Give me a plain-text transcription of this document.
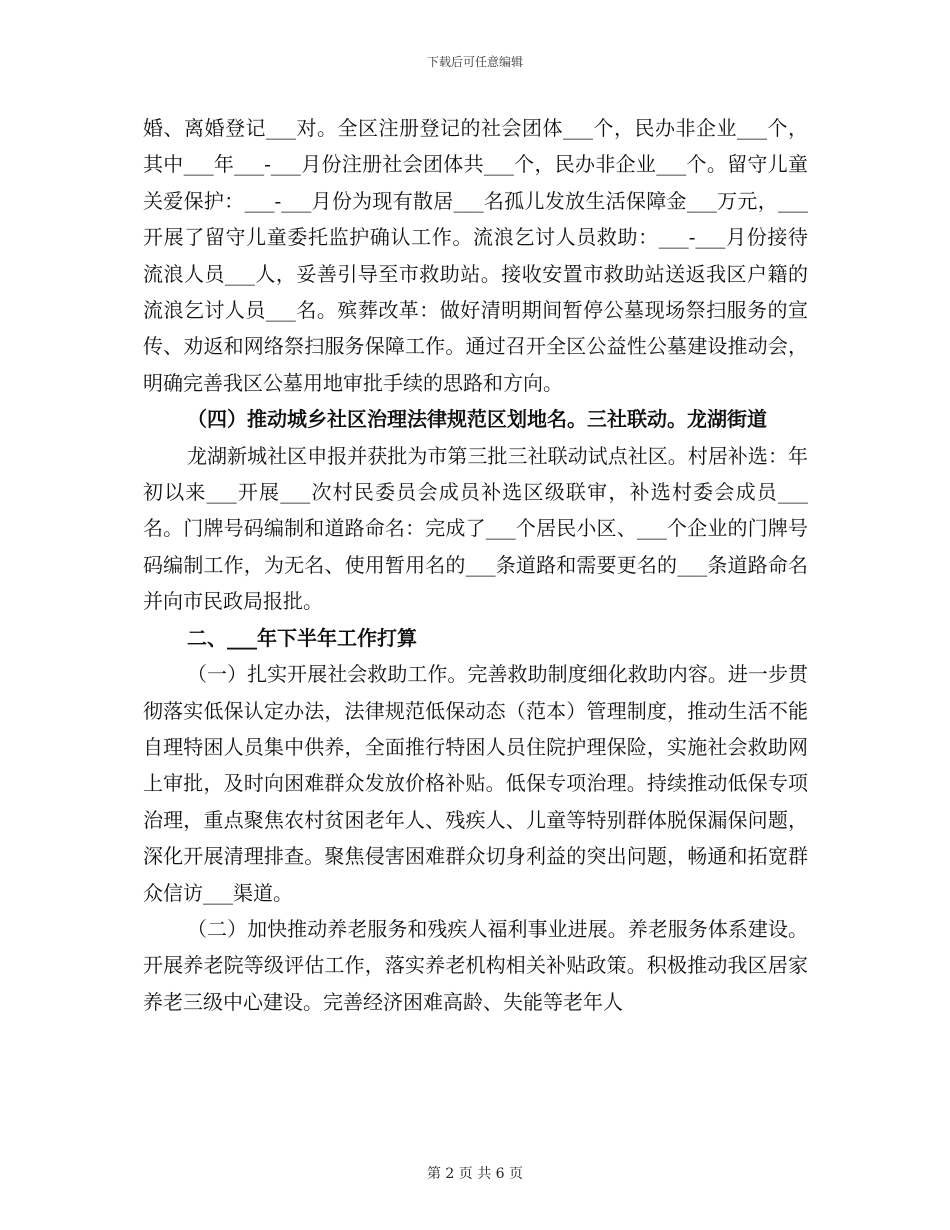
下载后可任意编辑

婚、离婚登记___对。全区注册登记的社会团体___个，民办非企业___个，其中___年___-___月份注册社会团体共___个，民办非企业___个。留守儿童关爱保护：___-___月份为现有散居___名孤儿发放生活保障金___万元，___开展了留守儿童委托监护确认工作。流浪乞讨人员救助：___-___月份接待流浪人员___人，妥善引导至市救助站。接收安置市救助站送返我区户籍的流浪乞讨人员___名。殡葬改革：做好清明期间暂停公墓现场祭扫服务的宣传、劝返和网络祭扫服务保障工作。通过召开全区公益性公墓建设推动会，明确完善我区公墓用地审批手续的思路和方向。

（四）推动城乡社区治理法律规范区划地名。三社联动。龙湖街道

龙湖新城社区申报并获批为市第三批三社联动试点社区。村居补选：年初以来___开展___次村民委员会成员补选区级联审，补选村委会成员___名。门牌号码编制和道路命名：完成了___个居民小区、___个企业的门牌号码编制工作，为无名、使用暂用名的___条道路和需要更名的___条道路命名并向市民政局报批。

二、___年下半年工作打算

（一）扎实开展社会救助工作。完善救助制度细化救助内容。进一步贯彻落实低保认定办法，法律规范低保动态（范本）管理制度，推动生活不能自理特困人员集中供养，全面推行特困人员住院护理保险，实施社会救助网上审批，及时向困难群众发放价格补贴。低保专项治理。持续推动低保专项治理，重点聚焦农村贫困老年人、残疾人、儿童等特别群体脱保漏保问题，深化开展清理排查。聚焦侵害困难群众切身利益的突出问题，畅通和拓宽群众信访___渠道。

（二）加快推动养老服务和残疾人福利事业进展。养老服务体系建设。开展养老院等级评估工作，落实养老机构相关补贴政策。积极推动我区居家养老三级中心建设。完善经济困难高龄、失能等老年人

第 2 页 共 6 页
